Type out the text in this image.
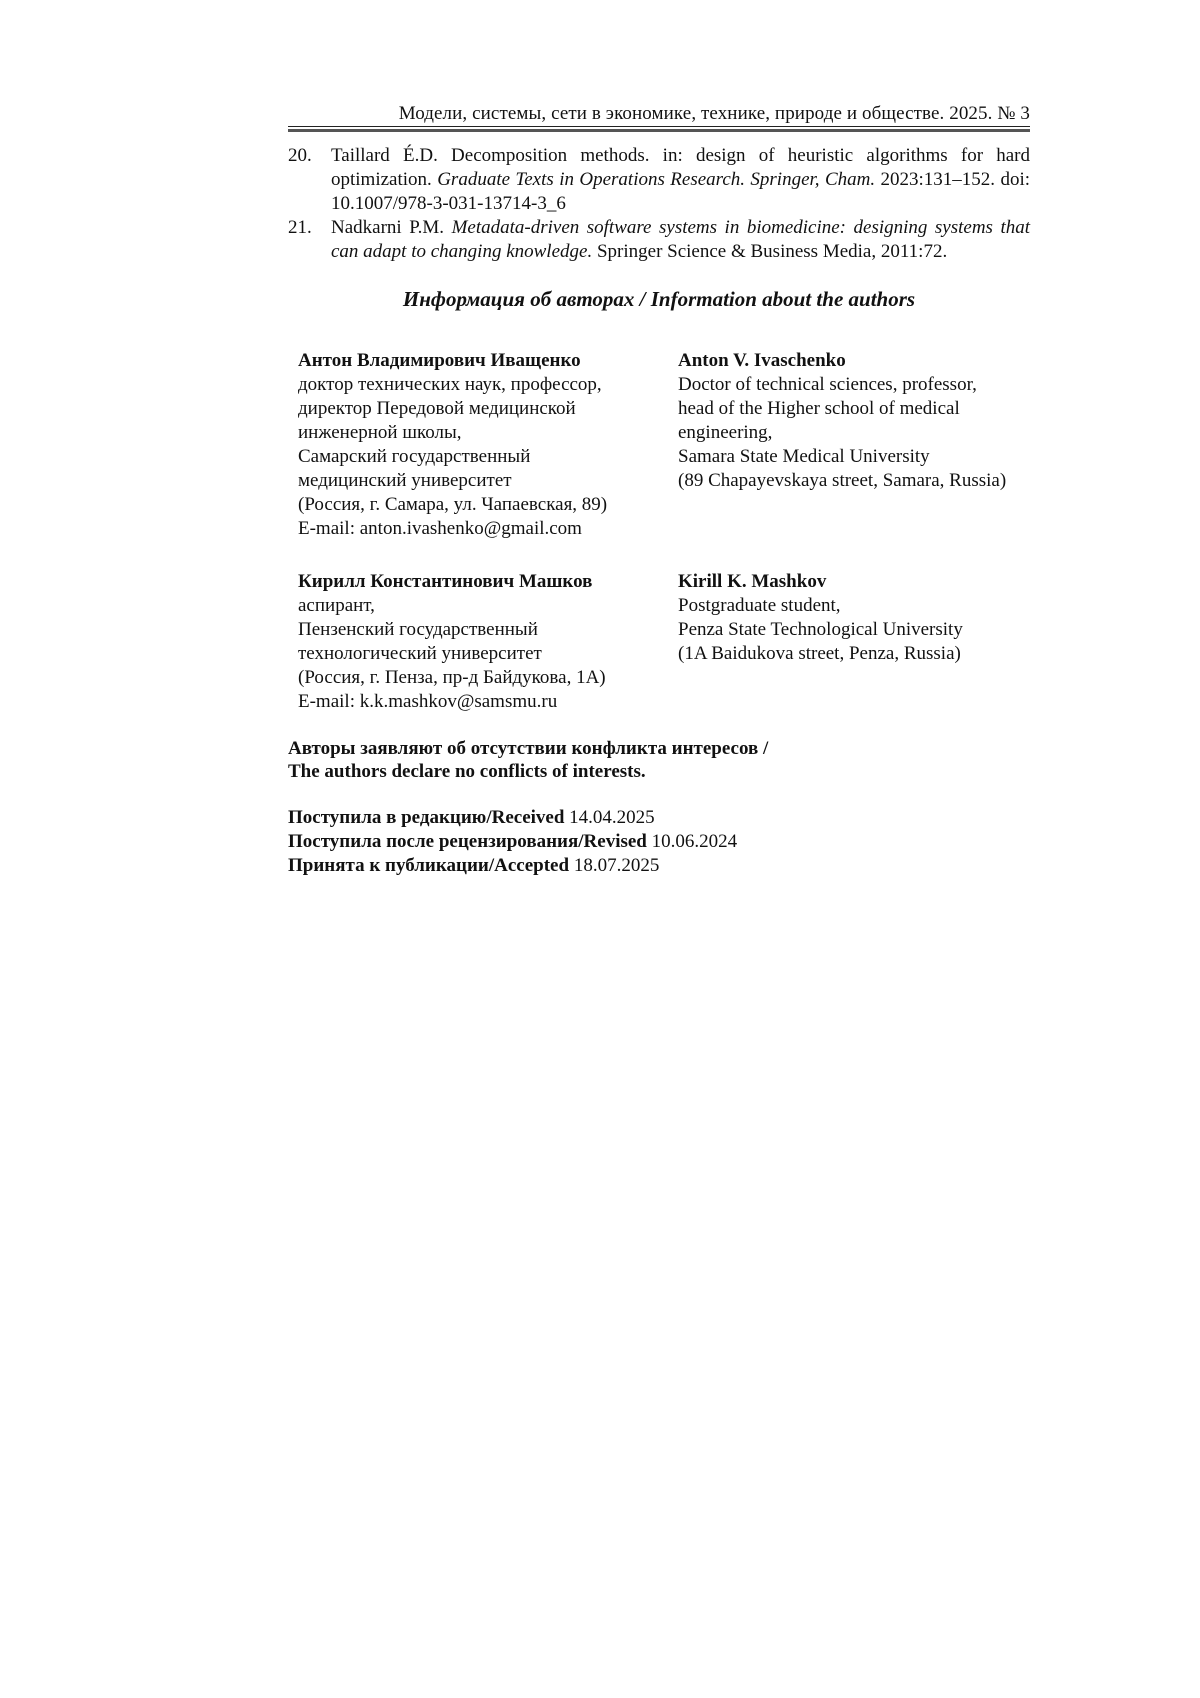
Модели, системы, сети в экономике, технике, природе и обществе. 2025. № 3
20. Taillard É.D. Decomposition methods. in: design of heuristic algorithms for hard optimization. Graduate Texts in Operations Research. Springer, Cham. 2023:131–152. doi: 10.1007/978-3-031-13714-3_6
21. Nadkarni P.M. Metadata-driven software systems in biomedicine: designing systems that can adapt to changing knowledge. Springer Science & Business Media, 2011:72.
Информация об авторах / Information about the authors
Антон Владимирович Иващенко
доктор технических наук, профессор,
директор Передовой медицинской
инженерной школы,
Самарский государственный
медицинский университет
(Россия, г. Самара, ул. Чапаевская, 89)
E-mail: anton.ivashenko@gmail.com
Anton V. Ivaschenko
Doctor of technical sciences, professor,
head of the Higher school of medical
engineering,
Samara State Medical University
(89 Chapayevskaya street, Samara, Russia)
Кирилл Константинович Машков
аспирант,
Пензенский государственный
технологический университет
(Россия, г. Пенза, пр-д Байдукова, 1А)
E-mail: k.k.mashkov@samsmu.ru
Kirill K. Mashkov
Postgraduate student,
Penza State Technological University
(1A Baidukova street, Penza, Russia)
Авторы заявляют об отсутствии конфликта интересов /
The authors declare no conflicts of interests.
Поступила в редакцию/Received 14.04.2025
Поступила после рецензирования/Revised 10.06.2024
Принята к публикации/Accepted 18.07.2025
